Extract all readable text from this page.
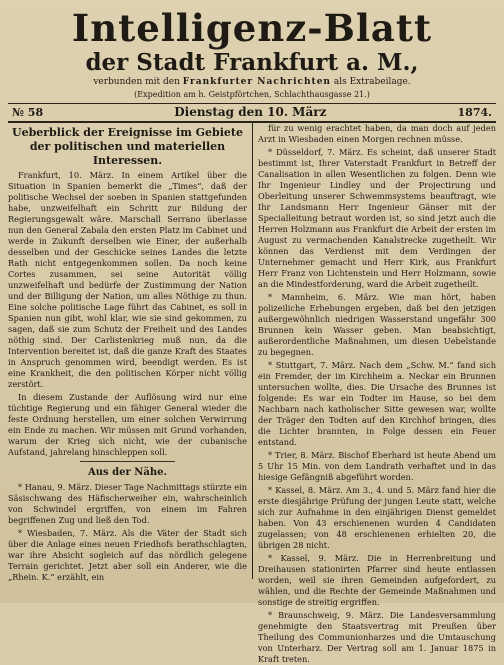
Intelligenz-Blatt
der Stadt Frankfurt a. M.,
verbunden mit den Frankfurter Nachrichten als Extrabeilage.
(Expedition am h. Geistpförtchen, Schlachthausgasse 21.)
№ 58	Dienstag den 10. März	1874.
Ueberblick der Ereignisse im Gebiete der politischen und materiellen Interessen.

Frankfurt, 10. März. In einem Artikel über die Situation in Spanien bemerkt die „Times“, daß der politische Wechsel der soeben in Spanien stattgefunden habe, unzweifelhaft ein Schritt zur Bildung der Regierungsgewalt wäre. Marschall Serrano überlasse nun den General Zabala den ersten Platz im Cabinet und werde in Zukunft derselben wie Einer, der außerhalb desselben und der Geschicke seines Landes die letzte Rath nicht entgegenkommen sollen. Da noch keine Cortes zusammen, sei seine Autorität völlig unzweifelhaft und bedürfe der Zustimmung der Nation und der Billigung der Nation, um alles Nöthige zu thun. Eine solche politische Lage führt das Cabinet, es soll in Spanien nun gibt, wohl klar, wie sie sind gekommen, zu sagen, daß sie zum Schutz der Freiheit und des Landes nöthig sind. Der Carlistenkrieg muß nun, da die Intervention bereitet ist, daß die ganze Kraft des Staates in Anspruch genommen wird, beendigt werden. Es ist eine Krankheit, die den politischen Körper nicht völlig zerstört.

In diesem Zustande der Auflösung wird nur eine tüchtige Regierung und ein fähiger General wieder die feste Ordnung herstellen, um einer solchen Verwirrung ein Ende zu machen. Wir müssen mit Grund vorhanden, warum der Krieg sich nicht, wie der cubanische Aufstand, jahrelang hinschleppen soll.

Aus der Nähe.

* Hanau, 9. März. Dieser Tage Nachmittags stürzte ein Säsischwang des Häfischerweiher ein, wahrscheinlich von Schwindel ergriffen, von einem im Fahren begriffenen Zug und ließ den Tod.

* Wiesbaden, 7. März. Als die Väter der Stadt sich über die Anlage eines neuen Friedhofs berathschlagten, war ihre Absicht sogleich auf das nördlich gelegene Terrain gerichtet. Jetzt aber soll ein Anderer, wie die „Rhein. K.“ erzählt, ein

für zu wenig erachtet haben, da man doch auf jeden Arzt in Wiesbaden einen Morgen rechnen müsse.

* Düsseldorf, 7. März. Es scheint, daß unserer Stadt bestimmt ist, Ihrer Vaterstadt Frankfurt in Betreff der Canalisation in allen Wesentlichen zu folgen. Denn wie Ihr Ingenieur Lindley und der Projectirung und Oberleitung unserer Schwemmsystems beauftragt, wie Ihr Landsmann Herr Ingenieur Gänser mit der Specialleitung betraut worden ist, so sind jetzt auch die Herren Holzmann aus Frankfurt die Arbeit der ersten im August zu vermachenden Kanalstrecke zugetheilt. Wir können das Verdienst mit dem Verdingen der Unternehmer gemacht und Herr Kirk, aus Frankfurt Herr Franz von Lichtenstein und Herr Holzmann, sowie an die Mindestforderung, ward die Arbeit zugetheilt.

* Mannheim, 6. März. Wie man hört, haben polizeiliche Erhebungen ergeben, daß bei den jetzigen außergewöhnlich niedrigen Wasserstand ungefähr 300 Brunnen kein Wasser geben. Man beabsichtigt, außerordentliche Maßnahmen, um diesen Uebelstande zu begegnen.

* Stuttgart, 7. März. Nach dem „Schw. M.“ fand sich ein Fremder, der im Kirchheim a. Neckar ein Brunnen untersuchen wollte, dies. Die Ursache des Brunnes ist folgende: Es war ein Todter im Hause, so bei dem Nachbarn nach katholischer Sitte gewesen war, wollte der Träger den Todten auf den Kirchhof bringen, dies die Lichter brannten, in Folge dessen ein Feuer entstand.

* Trier, 8. März. Bischof Eberhard ist heute Abend um 5 Uhr 15 Min. von dem Landrath verhaftet und in das hiesige Gefängniß abgeführt worden.

* Kassel, 8. März. Am 3., 4. und 5. März fand hier die erste diesjährige Prüfung der jungen Leute statt, welche sich zur Aufnahme in den einjährigen Dienst gemeldet haben. Von 43 erschienenen wurden 4 Candidaten zugelassen; von 48 erschienenen erhielten 20, die übrigen 28 nicht.

* Kassel, 9. März. Die in Herrenbreitung und Dreihausen stationirten Pfarrer sind heute entlassen worden, weil sie ihren Gemeinden aufgefordert, zu wählen, und die Rechte der Gemeinde Maßnahmen und sonstige de streitig ergriffen.

* Braunschweig, 9. März. Die Landesversammlung genehmigte den Staatsvertrag mit Preußen über Theilung des Communionharzes und die Umtauschung von Unterharz. Der Vertrag soll am 1. Januar 1875 in Kraft treten.
